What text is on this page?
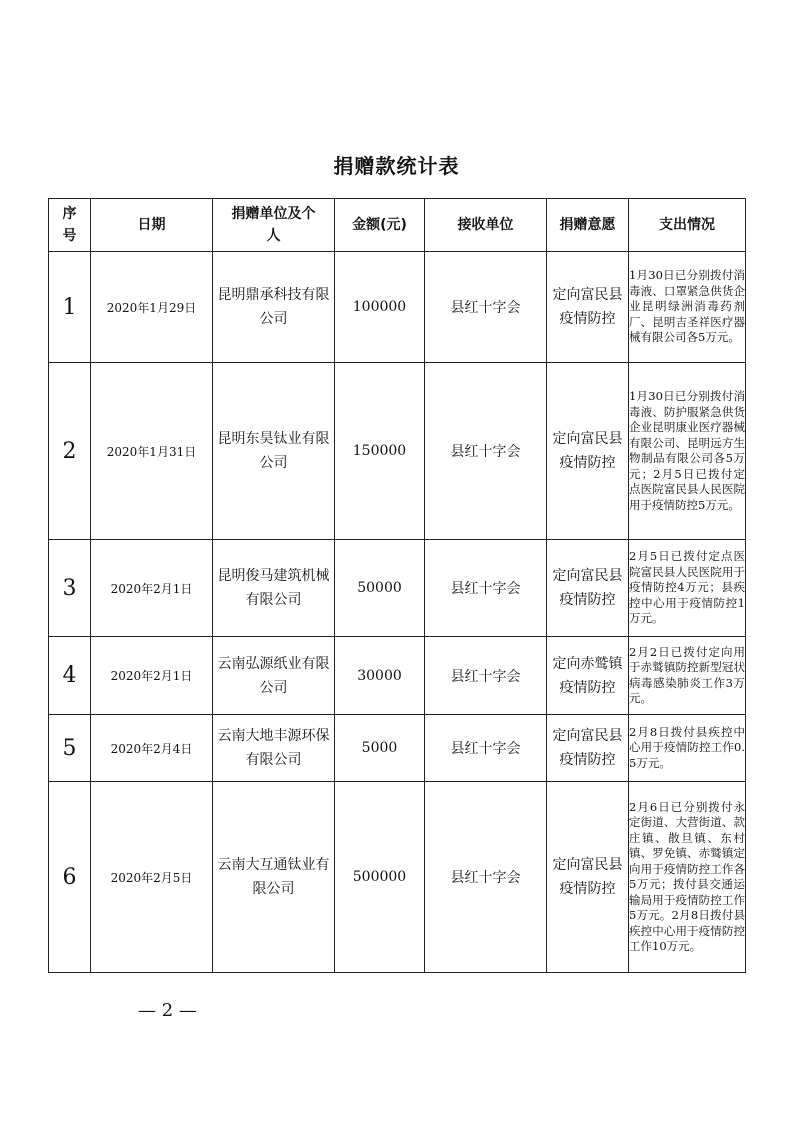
捐赠款统计表
序号	日期	捐赠单位及个人	金额(元)	接收单位	捐赠意愿	支出情况
1	2020年1月29日	昆明鼎承科技有限公司	100000	县红十字会	定向富民县疫情防控	1月30日已分别拨付消毒液、口罩紧急供货企业昆明绿洲消毒药剂厂、昆明吉圣祥医疗器械有限公司各5万元。
2	2020年1月31日	昆明东昊钛业有限公司	150000	县红十字会	定向富民县疫情防控	1月30日已分别拨付消毒液、防护服紧急供货企业昆明康业医疗器械有限公司、昆明远方生物制品有限公司各5万元；2月5日已拨付定点医院富民县人民医院用于疫情防控5万元。
3	2020年2月1日	昆明俊马建筑机械有限公司	50000	县红十字会	定向富民县疫情防控	2月5日已拨付定点医院富民县人民医院用于疫情防控4万元；县疾控中心用于疫情防控1万元。
4	2020年2月1日	云南弘源纸业有限公司	30000	县红十字会	定向赤鹫镇疫情防控	2月2日已拨付定向用于赤鹫镇防控新型冠状病毒感染肺炎工作3万元。
5	2020年2月4日	云南大地丰源环保有限公司	5000	县红十字会	定向富民县疫情防控	2月8日拨付县疾控中心用于疫情防控工作0.5万元。
6	2020年2月5日	云南大互通钛业有限公司	500000	县红十字会	定向富民县疫情防控	2月6日已分别拨付永定街道、大营街道、款庄镇、散旦镇、东村镇、罗免镇、赤鹫镇定向用于疫情防控工作各5万元；拨付县交通运输局用于疫情防控工作5万元。2月8日拨付县疾控中心用于疫情防控工作10万元。
— 2 —
